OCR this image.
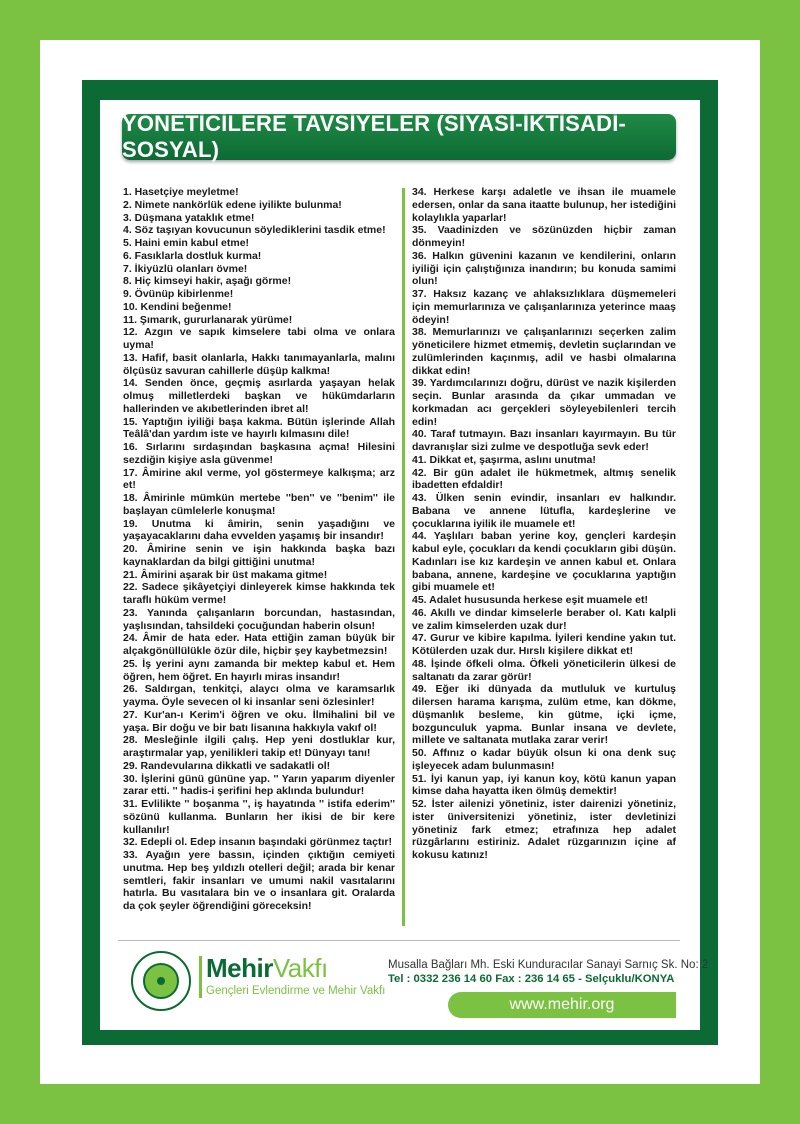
YÖNETİCİLERE TAVSİYELER (SİYASİ-İKTİSADİ-SOSYAL)

1. Hasetçiye meyletme!

2. Nimete nankörlük edene iyilikte bulunma!

3. Düşmana yataklık etme!

4. Söz taşıyan kovucunun söylediklerini tasdik etme!

5. Haini emin kabul etme!

6. Fasıklarla dostluk kurma!

7. İkiyüzlü olanları övme!

8. Hiç kimseyi hakir, aşağı görme!

9. Övünüp kibirlenme!

10. Kendini beğenme!

11. Şımarık, gururlanarak yürüme!

12. Azgın ve sapık kimselere tabi olma ve onlara uyma!

13. Hafif, basit olanlarla, Hakkı tanımayanlarla, malını ölçüsüz savuran cahillerle düşüp kalkma!

14. Senden önce, geçmiş asırlarda yaşayan helak olmuş milletlerdeki başkan ve hükümdarların hallerinden ve akıbetlerinden ibret al!

15. Yaptığın iyiliği başa kakma. Bütün işlerinde Allah Teâlâ'dan yardım iste ve hayırlı kılmasını dile!

16. Sırlarını sırdaşından başkasına açma! Hilesini sezdiğin kişiye asla güvenme!

17. Âmirine akıl verme, yol göstermeye kalkışma; arz et!

18. Âmirinle mümkün mertebe ''ben'' ve ''benim'' ile başlayan cümlelerle konuşma!

19. Unutma ki âmirin, senin yaşadığını ve yaşayacaklarını daha evvelden yaşamış bir insandır!

20. Âmirine senin ve işin hakkında başka bazı kaynaklardan da bilgi gittiğini unutma!

21. Âmirini aşarak bir üst makama gitme!

22. Sadece şikâyetçiyi dinleyerek kimse hakkında tek taraflı hüküm verme!

23. Yanında çalışanların borcundan, hastasından, yaşlısından, tahsildeki çocuğundan haberin olsun!

24. Âmir de hata eder. Hata ettiğin zaman büyük bir alçakgönüllülükle özür dile, hiçbir şey kaybetmezsin!

25. İş yerini aynı zamanda bir mektep kabul et. Hem öğren, hem öğret. En hayırlı miras insandır!

26. Saldırgan, tenkitçi, alaycı olma ve karamsarlık yayma. Öyle sevecen ol ki insanlar seni özlesinler!

27. Kur'an-ı Kerim'i öğren ve oku. İlmihalini bil ve yaşa. Bir doğu ve bir batı lisanına hakkıyla vakıf ol!

28. Mesleğinle ilgili çalış. Hep yeni dostluklar kur, araştırmalar yap, yenilikleri takip et! Dünyayı tanı!

29. Randevularına dikkatli ve sadakatli ol!

30. İşlerini günü gününe yap. '' Yarın yaparım diyenler zarar etti. '' hadis-i şerifini hep aklında bulundur!

31. Evlilikte '' boşanma '', iş hayatında '' istifa ederim'' sözünü kullanma. Bunların her ikisi de bir kere kullanılır!

32. Edepli ol. Edep insanın başındaki görünmez taçtır!

33. Ayağın yere bassın, içinden çıktığın cemiyeti unutma. Hep beş yıldızlı otelleri değil; arada bir kenar semtleri, fakir insanları ve umumi nakil vasıtalarını hatırla. Bu vasıtalara bin ve o insanlara git. Oralarda da çok şeyler öğrendiğini göreceksin!

34. Herkese karşı adaletle ve ihsan ile muamele edersen, onlar da sana itaatte bulunup, her istediğini kolaylıkla yaparlar!

35. Vaadinizden ve sözünüzden hiçbir zaman dönmeyin!

36. Halkın güvenini kazanın ve kendilerini, onların iyiliği için çalıştığınıza inandırın; bu konuda samimi olun!

37. Haksız kazanç ve ahlaksızlıklara düşmemeleri için memurlarınıza ve çalışanlarınıza yeterince maaş ödeyin!

38. Memurlarınızı ve çalışanlarınızı seçerken zalim yöneticilere hizmet etmemiş, devletin suçlarından ve zulümlerinden kaçınmış, adil ve hasbi olmalarına dikkat edin!

39. Yardımcılarınızı doğru, dürüst ve nazik kişilerden seçin. Bunlar arasında da çıkar ummadan ve korkmadan acı gerçekleri söyleyebilenleri tercih edin!

40. Taraf tutmayın. Bazı insanları kayırmayın. Bu tür davranışlar sizi zulme ve despotluğa sevk eder!

41. Dikkat et, şaşırma, aslını unutma!

42. Bir gün adalet ile hükmetmek, altmış senelik ibadetten efdaldir!

43. Ülken senin evindir, insanları ev halkındır. Babana ve annene lütufla, kardeşlerine ve çocuklarına iyilik ile muamele et!

44. Yaşlıları baban yerine koy, gençleri kardeşin kabul eyle, çocukları da kendi çocukların gibi düşün. Kadınları ise kız kardeşin ve annen kabul et. Onlara babana, annene, kardeşine ve çocuklarına yaptığın gibi muamele et!

45. Adalet hususunda herkese eşit muamele et!

46. Akıllı ve dindar kimselerle beraber ol. Katı kalpli ve zalim kimselerden uzak dur!

47. Gurur ve kibire kapılma. İyileri kendine yakın tut. Kötülerden uzak dur. Hırslı kişilere dikkat et!

48. İşinde öfkeli olma. Öfkeli yöneticilerin ülkesi de saltanatı da zarar görür!

49. Eğer iki dünyada da mutluluk ve kurtuluş dilersen harama karışma, zulüm etme, kan dökme, düşmanlık besleme, kin gütme, içki içme, bozgunculuk yapma. Bunlar insana ve devlete, millete ve saltanata mutlaka zarar verir!

50. Affınız o kadar büyük olsun ki ona denk suç işleyecek adam bulunmasın!

51. İyi kanun yap, iyi kanun koy, kötü kanun yapan kimse daha hayatta iken ölmüş demektir!

52. İster ailenizi yönetiniz, ister dairenizi yönetiniz, ister üniversitenizi yönetiniz, ister devletinizi yönetiniz fark etmez; etrafınıza hep adalet rüzgârlarını estiriniz. Adalet rüzgarınızın içine af kokusu katınız!

MehirVakfı
Gençleri Evlendirme ve Mehir Vakfı
Musalla Bağları Mh. Eski Kunduracılar Sanayi Sarnıç Sk. No: 2
Tel : 0332 236 14 60 Fax : 236 14 65 - Selçuklu/KONYA
www.mehir.org
